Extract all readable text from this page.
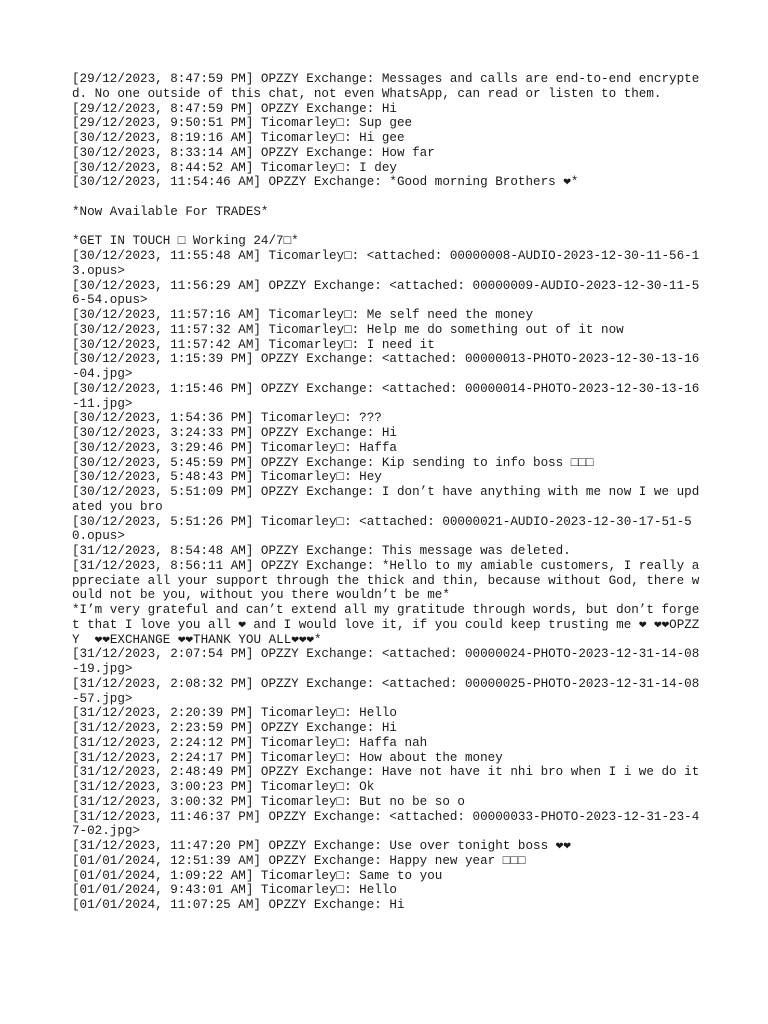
[29/12/2023, 8:47:59 PM] OPZZY Exchange: Messages and calls are end-to-end encrypted. No one outside of this chat, not even WhatsApp, can read or listen to them.

[29/12/2023, 8:47:59 PM] OPZZY Exchange: Hi

[29/12/2023, 9:50:51 PM] Ticomarley□: Sup gee

[30/12/2023, 8:19:16 AM] Ticomarley□: Hi gee

[30/12/2023, 8:33:14 AM] OPZZY Exchange: How far

[30/12/2023, 8:44:52 AM] Ticomarley□: I dey

[30/12/2023, 11:54:46 AM] OPZZY Exchange: *Good morning Brothers ❤*

*Now Available For TRADES*

*GET IN TOUCH □ Working 24/7□*

[30/12/2023, 11:55:48 AM] Ticomarley□: <attached: 00000008-AUDIO-2023-12-30-11-56-13.opus>

[30/12/2023, 11:56:29 AM] OPZZY Exchange: <attached: 00000009-AUDIO-2023-12-30-11-56-54.opus>

[30/12/2023, 11:57:16 AM] Ticomarley□: Me self need the money

[30/12/2023, 11:57:32 AM] Ticomarley□: Help me do something out of it now

[30/12/2023, 11:57:42 AM] Ticomarley□: I need it

[30/12/2023, 1:15:39 PM] OPZZY Exchange: <attached: 00000013-PHOTO-2023-12-30-13-16-04.jpg>

[30/12/2023, 1:15:46 PM] OPZZY Exchange: <attached: 00000014-PHOTO-2023-12-30-13-16-11.jpg>

[30/12/2023, 1:54:36 PM] Ticomarley□: ???

[30/12/2023, 3:24:33 PM] OPZZY Exchange: Hi

[30/12/2023, 3:29:46 PM] Ticomarley□: Haffa

[30/12/2023, 5:45:59 PM] OPZZY Exchange: Kip sending to info boss □□□

[30/12/2023, 5:48:43 PM] Ticomarley□: Hey

[30/12/2023, 5:51:09 PM] OPZZY Exchange: I don’t have anything with me now I we updated you bro

[30/12/2023, 5:51:26 PM] Ticomarley□: <attached: 00000021-AUDIO-2023-12-30-17-51-50.opus>

[31/12/2023, 8:54:48 AM] OPZZY Exchange: This message was deleted.

[31/12/2023, 8:56:11 AM] OPZZY Exchange: *Hello to my amiable customers, I really appreciate all your support through the thick and thin, because without God, there would not be you, without you there wouldn’t be me*

*I’m very grateful and can’t extend all my gratitude through words, but don’t forget that I love you all ❤ and I would love it, if you could keep trusting me ❤ ❤❤OPZZY  ❤❤EXCHANGE ❤❤THANK YOU ALL❤❤❤*

[31/12/2023, 2:07:54 PM] OPZZY Exchange: <attached: 00000024-PHOTO-2023-12-31-14-08-19.jpg>

[31/12/2023, 2:08:32 PM] OPZZY Exchange: <attached: 00000025-PHOTO-2023-12-31-14-08-57.jpg>

[31/12/2023, 2:20:39 PM] Ticomarley□: Hello

[31/12/2023, 2:23:59 PM] OPZZY Exchange: Hi

[31/12/2023, 2:24:12 PM] Ticomarley□: Haffa nah

[31/12/2023, 2:24:17 PM] Ticomarley□: How about the money

[31/12/2023, 2:48:49 PM] OPZZY Exchange: Have not have it nhi bro when I i we do it

[31/12/2023, 3:00:23 PM] Ticomarley□: Ok

[31/12/2023, 3:00:32 PM] Ticomarley□: But no be so o

[31/12/2023, 11:46:37 PM] OPZZY Exchange: <attached: 00000033-PHOTO-2023-12-31-23-47-02.jpg>

[31/12/2023, 11:47:20 PM] OPZZY Exchange: Use over tonight boss ❤❤

[01/01/2024, 12:51:39 AM] OPZZY Exchange: Happy new year □□□

[01/01/2024, 1:09:22 AM] Ticomarley□: Same to you

[01/01/2024, 9:43:01 AM] Ticomarley□: Hello

[01/01/2024, 11:07:25 AM] OPZZY Exchange: Hi
